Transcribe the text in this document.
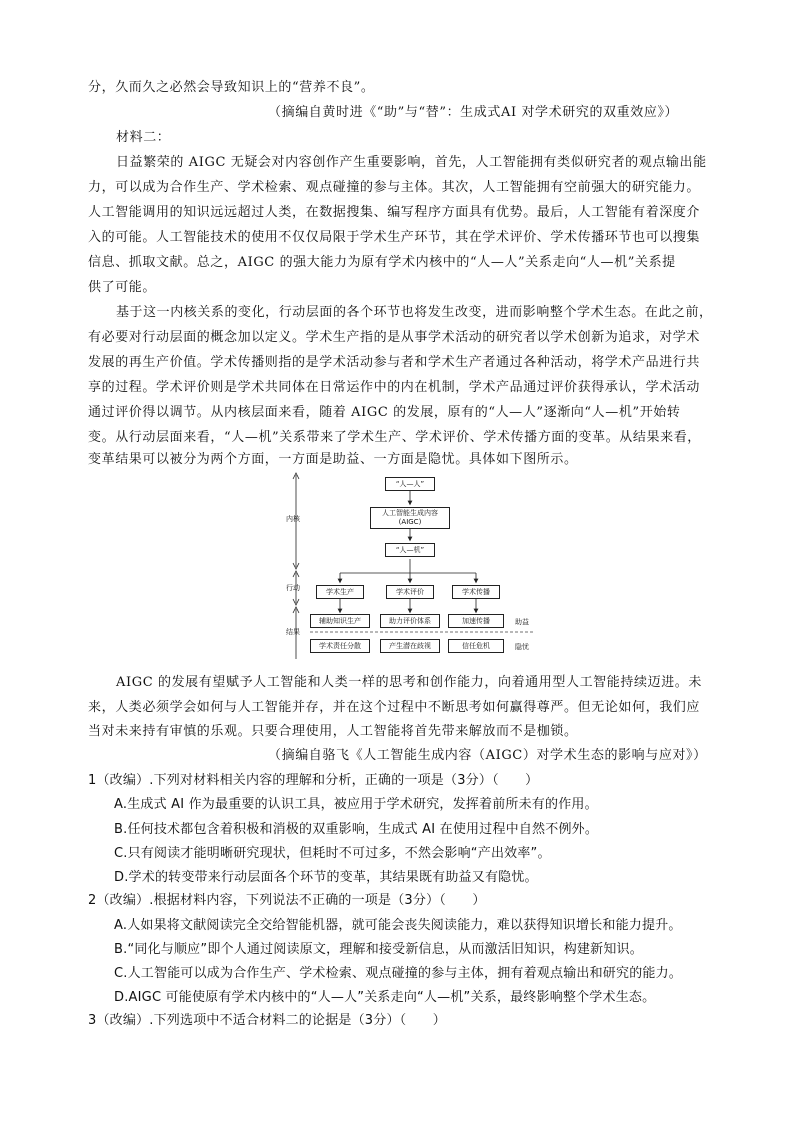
分，久而久之必然会导致知识上的“营养不良”。
（摘编自黄时进《“助”与“替”：生成式AI 对学术研究的双重效应》）
材料二：
日益繁荣的 AIGC 无疑会对内容创作产生重要影响，首先，人工智能拥有类似研究者的观点输出能
力，可以成为合作生产、学术检索、观点碰撞的参与主体。其次，人工智能拥有空前强大的研究能力。
人工智能调用的知识远远超过人类，在数据搜集、编写程序方面具有优势。最后，人工智能有着深度介
入的可能。人工智能技术的使用不仅仅局限于学术生产环节，其在学术评价、学术传播环节也可以搜集
信息、抓取文献。总之，AIGC 的强大能力为原有学术内核中的“人—人”关系走向“人—机”关系提
供了可能。
基于这一内核关系的变化，行动层面的各个环节也将发生改变，进而影响整个学术生态。在此之前，
有必要对行动层面的概念加以定义。学术生产指的是从事学术活动的研究者以学术创新为追求，对学术
发展的再生产价值。学术传播则指的是学术活动参与者和学术生产者通过各种活动，将学术产品进行共
享的过程。学术评价则是学术共同体在日常运作中的内在机制，学术产品通过评价获得承认，学术活动
通过评价得以调节。从内核层面来看，随着 AIGC 的发展，原有的“人—人”逐渐向“人—机”开始转
变。从行动层面来看，“人—机”关系带来了学术生产、学术评价、学术传播方面的变革。从结果来看，
变革结果可以被分为两个方面，一方面是助益、一方面是隐忧。具体如下图所示。
内核
行动
结果
“人—人”
人工智能生成内容
(AIGC)
“人—机”
学术生产	学术评价	学术传播
辅助知识生产	助力评价体系	加速传播	助益
学术责任分散	产生潜在歧视	信任危机	隐忧
AIGC 的发展有望赋予人工智能和人类一样的思考和创作能力，向着通用型人工智能持续迈进。未
来，人类必须学会如何与人工智能并存，并在这个过程中不断思考如何赢得尊严。但无论如何，我们应
当对未来持有审慎的乐观。只要合理使用，人工智能将首先带来解放而不是枷锁。
（摘编自骆飞《人工智能生成内容（AIGC）对学术生态的影响与应对》）
1（改编）.下列对材料相关内容的理解和分析，正确的一项是（3分）（　　）
A.生成式 AI 作为最重要的认识工具，被应用于学术研究，发挥着前所未有的作用。
B.任何技术都包含着积极和消极的双重影响，生成式 AI 在使用过程中自然不例外。
C.只有阅读才能明晰研究现状，但耗时不可过多，不然会影响“产出效率”。
D.学术的转变带来行动层面各个环节的变革，其结果既有助益又有隐忧。
2（改编）.根据材料内容，下列说法不正确的一项是（3分）（　　）
A.人如果将文献阅读完全交给智能机器，就可能会丧失阅读能力，难以获得知识增长和能力提升。
B.“同化与顺应”即个人通过阅读原文，理解和接受新信息，从而激活旧知识，构建新知识。
C.人工智能可以成为合作生产、学术检索、观点碰撞的参与主体，拥有着观点输出和研究的能力。
D.AIGC 可能使原有学术内核中的“人—人”关系走向“人—机”关系，最终影响整个学术生态。
3（改编）.下列选项中不适合材料二的论据是（3分）（　　）
